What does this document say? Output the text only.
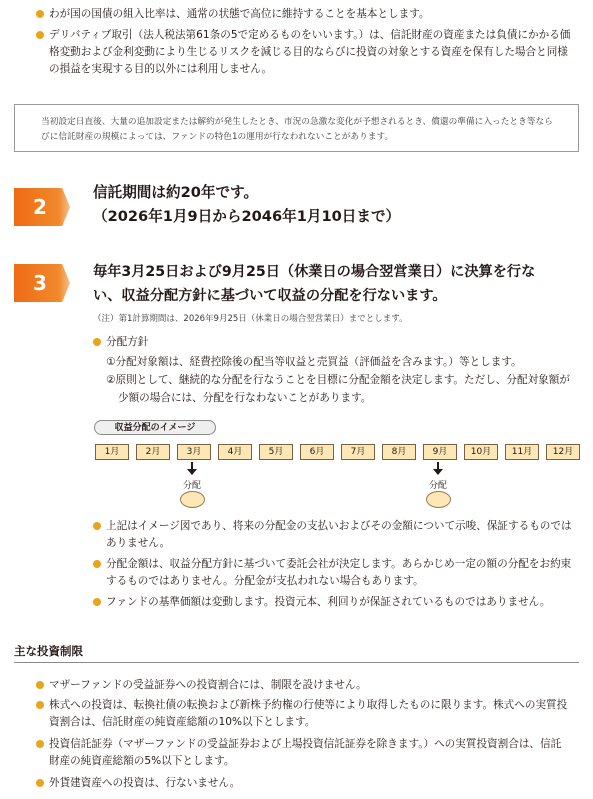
わが国の国債の組入比率は、通常の状態で高位に維持することを基本とします。
デリバティブ取引（法人税法第61条の5で定めるものをいいます。）は、信託財産の資産または負債にかかる価格変動および金利変動により生じるリスクを減じる目的ならびに投資の対象とする資産を保有した場合と同様の損益を実現する目的以外には利用しません。
当初設定日直後、大量の追加設定または解約が発生したとき、市況の急激な変化が予想されるとき、償還の準備に入ったとき等ならびに信託財産の規模によっては、ファンドの特色1の運用が行なわれないことがあります。
2
信託期間は約20年です。
（2026年1月9日から2046年1月10日まで）
3	毎年3月25日および9月25日（休業日の場合翌営業日）に決算を行な
い、収益分配方針に基づいて収益の分配を行ないます。
（注）第1計算期間は、2026年9月25日（休業日の場合翌営業日）までとします。
分配方針
①分配対象額は、経費控除後の配当等収益と売買益（評価益を含みます。）等とします。
②原則として、継続的な分配を行なうことを目標に分配金額を決定します。ただし、分配対象額が
少額の場合には、分配を行なわないことがあります。
収益分配のイメージ
1月	2月	3月	4月	5月	6月	7月	8月	9月	10月	11月	12月
分配	分配
上記はイメージ図であり、将来の分配金の支払いおよびその金額について示唆、保証するものではありません。
分配金額は、収益分配方針に基づいて委託会社が決定します。あらかじめ一定の額の分配をお約束するものではありません。分配金が支払われない場合もあります。
ファンドの基準価額は変動します。投資元本、利回りが保証されているものではありません。
主な投資制限
マザーファンドの受益証券への投資割合には、制限を設けません。
株式への投資は、転換社債の転換および新株予約権の行使等により取得したものに限ります。株式への実質投資割合は、信託財産の純資産総額の10%以下とします。
投資信託証券（マザーファンドの受益証券および上場投資信託証券を除きます。）への実質投資割合は、信託財産の純資産総額の5%以下とします。
外貨建資産への投資は、行ないません。
